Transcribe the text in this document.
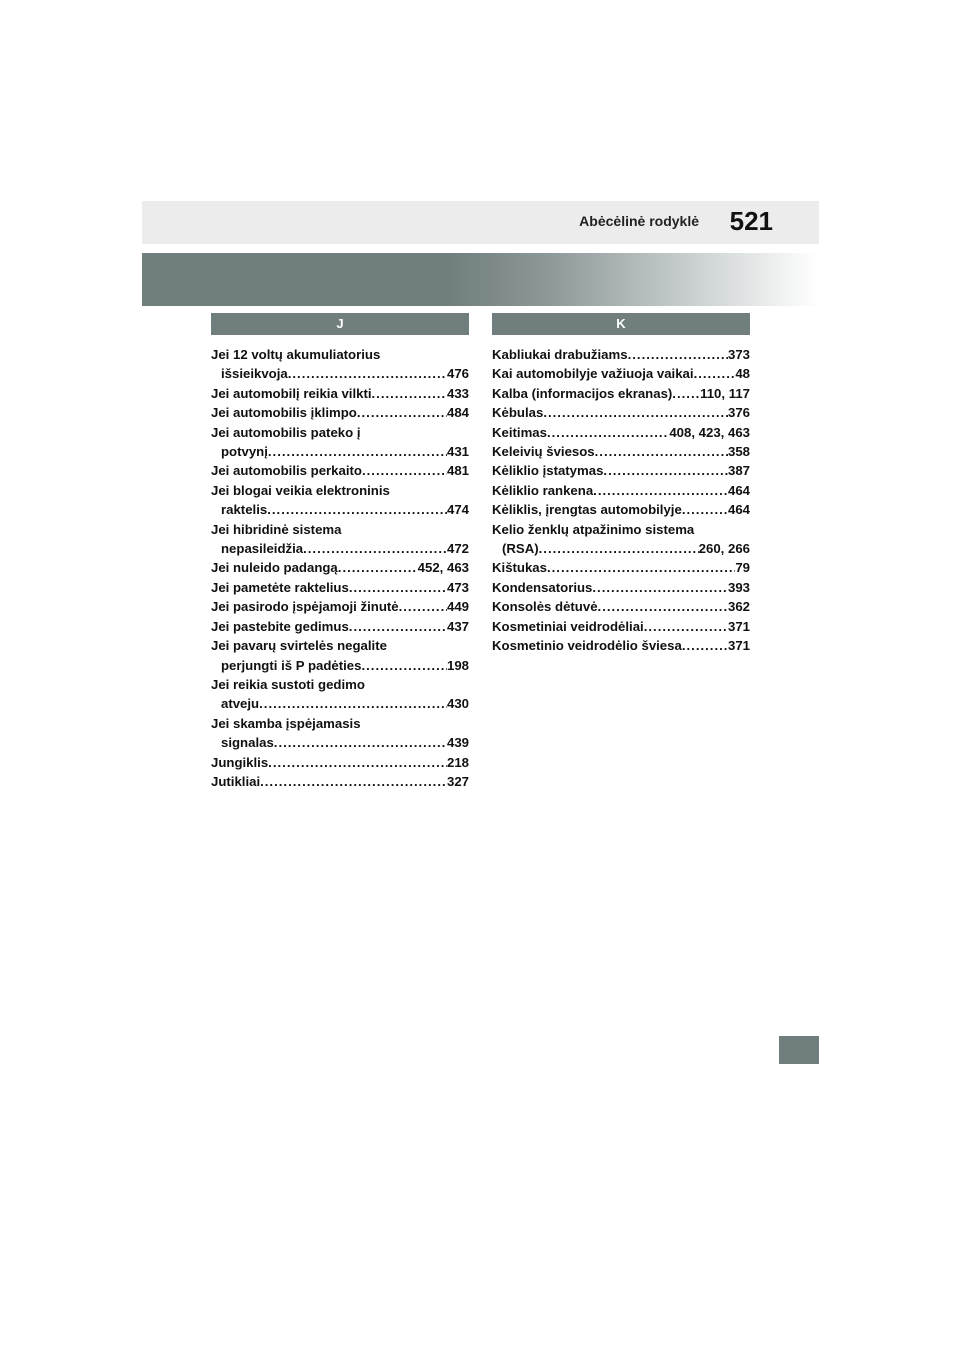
Abėcėlinė rodyklė 521
J
Jei 12 voltų akumuliatorius
išsieikvoja .....	476
Jei automobilį reikia vilkti .....	433
Jei automobilis įklimpo .....	484
Jei automobilis pateko į
potvynį .....	431
Jei automobilis perkaito .....	481
Jei blogai veikia elektroninis
raktelis .....	474
Jei hibridinė sistema
nepasileidžia .....	472
Jei nuleido padangą .....	452, 463
Jei pametėte raktelius .....	473
Jei pasirodo įspėjamoji žinutė .....	449
Jei pastebite gedimus .....	437
Jei pavarų svirtelės negalite
perjungti iš P padėties .....	198
Jei reikia sustoti gedimo
atveju .....	430
Jei skamba įspėjamasis
signalas .....	439
Jungiklis .....	218
Jutikliai .....	327
K
Kabliukai drabužiams .....	373
Kai automobilyje važiuoja vaikai .....	48
Kalba (informacijos ekranas) ..... 110, 117
Kėbulas .....	376
Keitimas .....	408, 423, 463
Keleivių šviesos .....	358
Kėliklio įstatymas .....	387
Kėliklio rankena .....	464
Kėliklis, įrengtas automobilyje .....	464
Kelio ženklų atpažinimo sistema
(RSA) .....	260, 266
Kištukas .....	79
Kondensatorius .....	393
Konsolės dėtuvė .....	362
Kosmetiniai veidrodėliai .....	371
Kosmetinio veidrodėlio šviesa .....	371
